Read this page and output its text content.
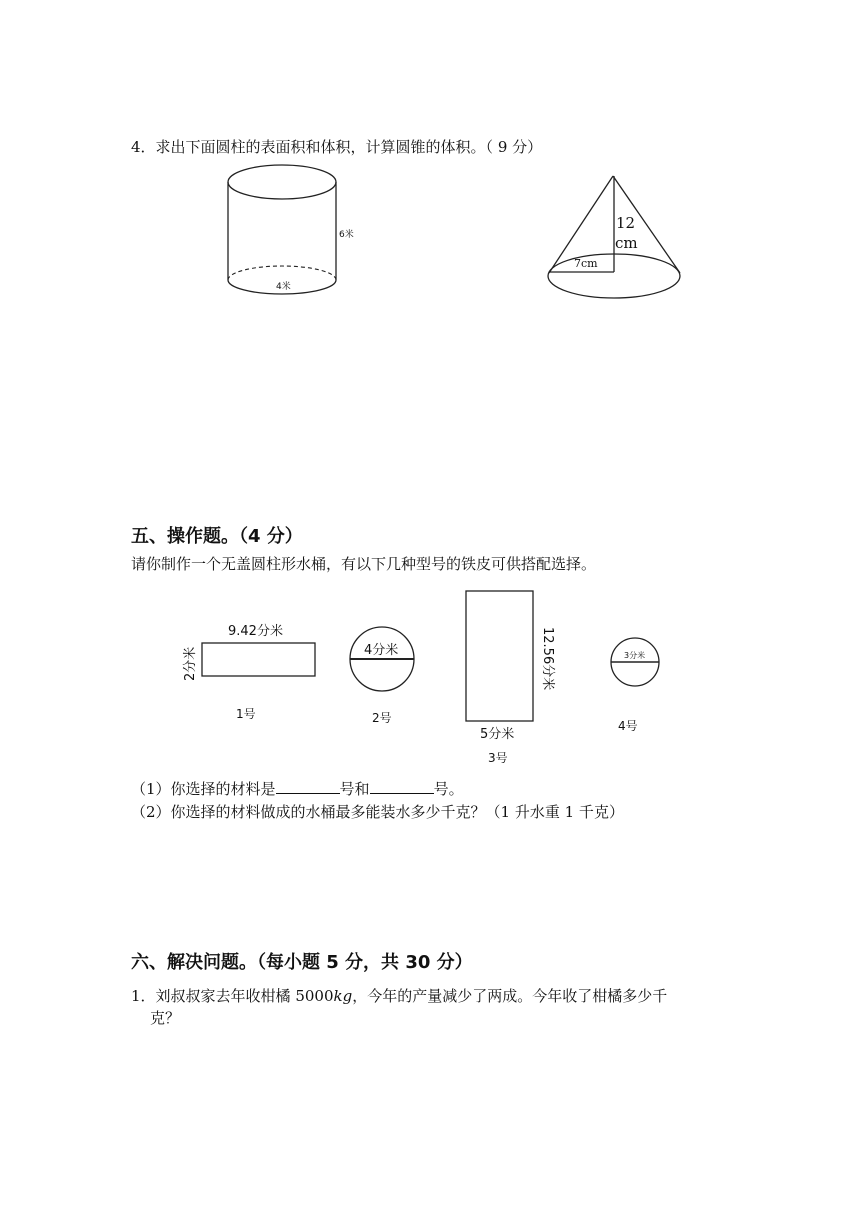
4．求出下面圆柱的表面积和体积，计算圆锥的体积。（ 9 分）
6米
4米
12
cm
7cm
五、操作题。（4 分）
请你制作一个无盖圆柱形水桶，有以下几种型号的铁皮可供搭配选择。
9.42分米
2分米
1号
4分米
2号
12.56分米
5分米
3号
3分米
4号
（1）你选择的材料是	号和	号。
（2）你选择的材料做成的水桶最多能装水多少千克？（1 升水重 1 千克）
六、解决问题。（每小题 5 分，共 30 分）
1．刘叔叔家去年收柑橘 5000kg，今年的产量减少了两成。今年收了柑橘多少千
克？
